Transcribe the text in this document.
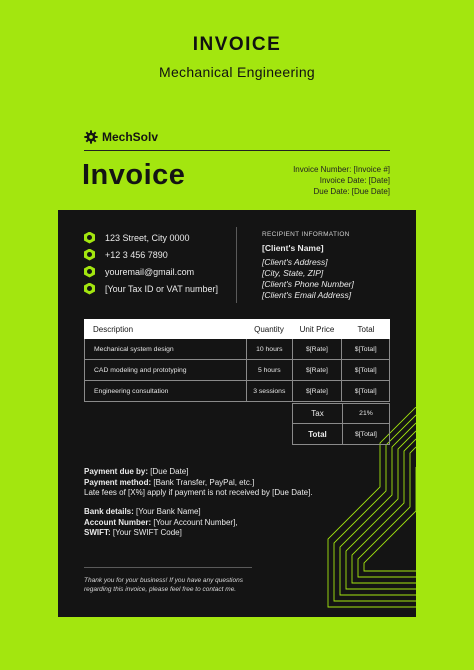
INVOICE
Mechanical Engineering
MechSolv
Invoice	Invoice Number: [Invoice #]
Invoice Date: [Date]
Due Date: [Due Date]
123 Street, City 0000
+12 3 456 7890
youremail@gmail.com
[Your Tax ID or VAT number]
RECIPIENT INFORMATION
[Client's Name]
[Client's Address]
[City, State, ZIP]
[Client's Phone Number]
[Client's Email Address]
Description	Quantity	Unit Price	Total
Mechanical system design	10 hours	$[Rate]	$[Total]
CAD modeling and prototyping	5 hours	$[Rate]	$[Total]
Engineering consultation	3 sessions	$[Rate]	$[Total]
Tax	21%
Total	$[Total]
Payment due by: [Due Date]
Payment method: [Bank Transfer, PayPal, etc.]
Late fees of [X%] apply if payment is not received by [Due Date].
Bank details: [Your Bank Name]
Account Number: [Your Account Number],
SWIFT: [Your SWIFT Code]
Thank you for your business! If you have any questions
regarding this invoice, please feel free to contact me.
